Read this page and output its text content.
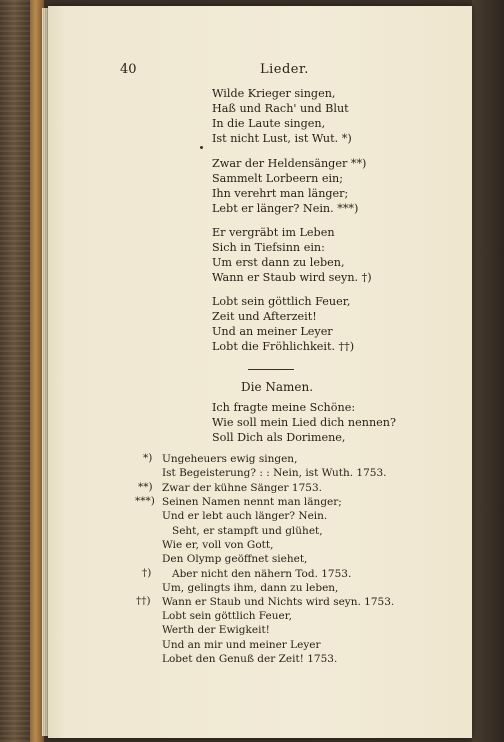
40	Lieder.
Wilde Krieger singen,
Haß und Rach' und Blut
In die Laute singen,
Ist nicht Lust, ist Wut. *)
Zwar der Heldensänger **)
Sammelt Lorbeern ein;
Ihn verehrt man länger;
Lebt er länger? Nein. ***)
Er vergräbt im Leben
Sich in Tiefsinn ein:
Um erst dann zu leben,
Wann er Staub wird seyn. †)
Lobt sein göttlich Feuer,
Zeit und Afterzeit!
Und an meiner Leyer
Lobt die Fröhlichkeit. ††)
Die Namen.
Ich fragte meine Schöne:
Wie soll mein Lied dich nennen?
Soll Dich als Dorimene,
*)
**)
***)
†)
††)
Ungeheuers ewig singen,
Ist Begeisterung? : : Nein, ist Wuth. 1753.
Zwar der kühne Sänger 1753.
Seinen Namen nennt man länger;
Und er lebt auch länger? Nein.
Seht, er stampft und glühet,
Wie er, voll von Gott,
Den Olymp geöffnet siehet,
Aber nicht den nähern Tod. 1753.
Um, gelingts ihm, dann zu leben,
Wann er Staub und Nichts wird seyn. 1753.
Lobt sein göttlich Feuer,
Werth der Ewigkeit!
Und an mir und meiner Leyer
Lobet den Genuß der Zeit! 1753.
